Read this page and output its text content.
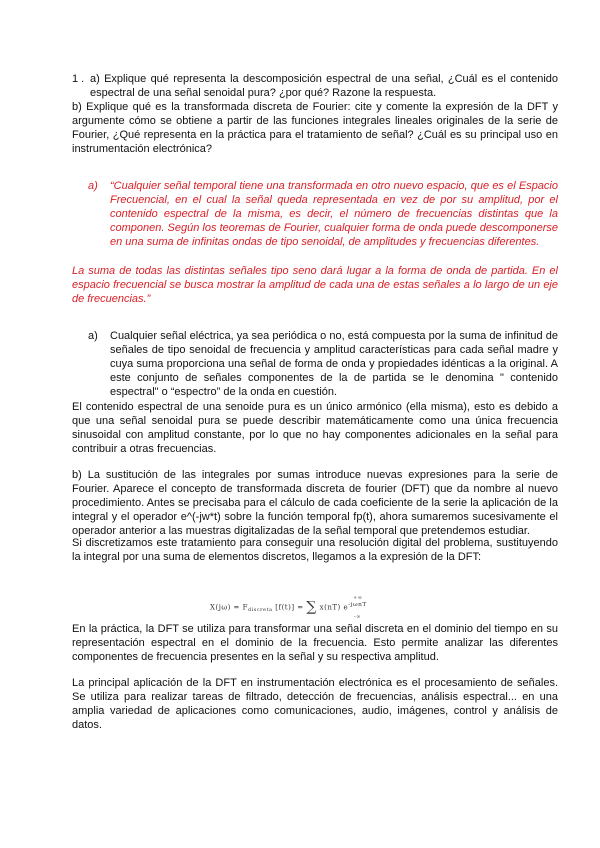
1 . a) Explique qué representa la descomposición espectral de una señal, ¿Cuál es el contenido espectral de una señal senoidal pura? ¿por qué? Razone la respuesta.

b) Explique qué es la transformada discreta de Fourier: cite y comente la expresión de la DFT y argumente cómo se obtiene a partir de las funciones integrales lineales originales de la serie de Fourier, ¿Qué representa en la práctica para el tratamiento de señal? ¿Cuál es su principal uso en instrumentación electrónica?

a)	“Cualquier señal temporal tiene una transformada en otro nuevo espacio, que es el Espacio Frecuencial, en el cual la señal queda representada en vez de por su amplitud, por el contenido espectral de la misma, es decir, el número de frecuencias distintas que la componen. Según los teoremas de Fourier, cualquier forma de onda puede descomponerse en una suma de infinitas ondas de tipo senoidal, de amplitudes y frecuencias diferentes.

La suma de todas las distintas señales tipo seno dará lugar a la forma de onda de partida. En el espacio frecuencial se busca mostrar la amplitud de cada una de estas señales a lo largo de un eje de frecuencias.”

a)	Cualquier señal eléctrica, ya sea periódica o no, está compuesta por la suma de infinitud de señales de tipo senoidal de frecuencia y amplitud características para cada señal madre y cuya suma proporciona una señal de forma de onda y propiedades idénticas a la original. A este conjunto de señales componentes de la de partida se le denomina " contenido espectral" o “espectro” de la onda en cuestión.

El contenido espectral de una senoide pura es un único armónico (ella misma), esto es debido a que una señal senoidal pura se puede describir matemáticamente como una única frecuencia sinusoidal con amplitud constante, por lo que no hay componentes adicionales en la señal para contribuir a otras frecuencias.

b) La sustitución de las integrales por sumas introduce nuevas expresiones para la serie de Fourier. Aparece el concepto de transformada discreta de fourier (DFT) que da nombre al nuevo procedimiento. Antes se precisaba para el cálculo de cada coeficiente de la serie la aplicación de la integral y el operador e^(-jw*t) sobre la función temporal fp(t), ahora sumaremos sucesivamente el operador anterior a las muestras digitalizadas de la señal temporal que pretendemos estudiar.

Si discretizamos este tratamiento para conseguir una resolución digital del problema, sustituyendo la integral por una suma de elementos discretos, llegamos a la expresión de la DFT:

+∞
$X(j\omega) = F_{discreta}$ [f(t)] = ∑ x(nT) $e^{-j\omega nT}$
-∞

En la práctica, la DFT se utiliza para transformar una señal discreta en el dominio del tiempo en su representación espectral en el dominio de la frecuencia. Esto permite analizar las diferentes componentes de frecuencia presentes en la señal y su respectiva amplitud.

La principal aplicación de la DFT en instrumentación electrónica es el procesamiento de señales. Se utiliza para realizar tareas de filtrado, detección de frecuencias, análisis espectral... en una amplia variedad de aplicaciones como comunicaciones, audio, imágenes, control y análisis de datos.
